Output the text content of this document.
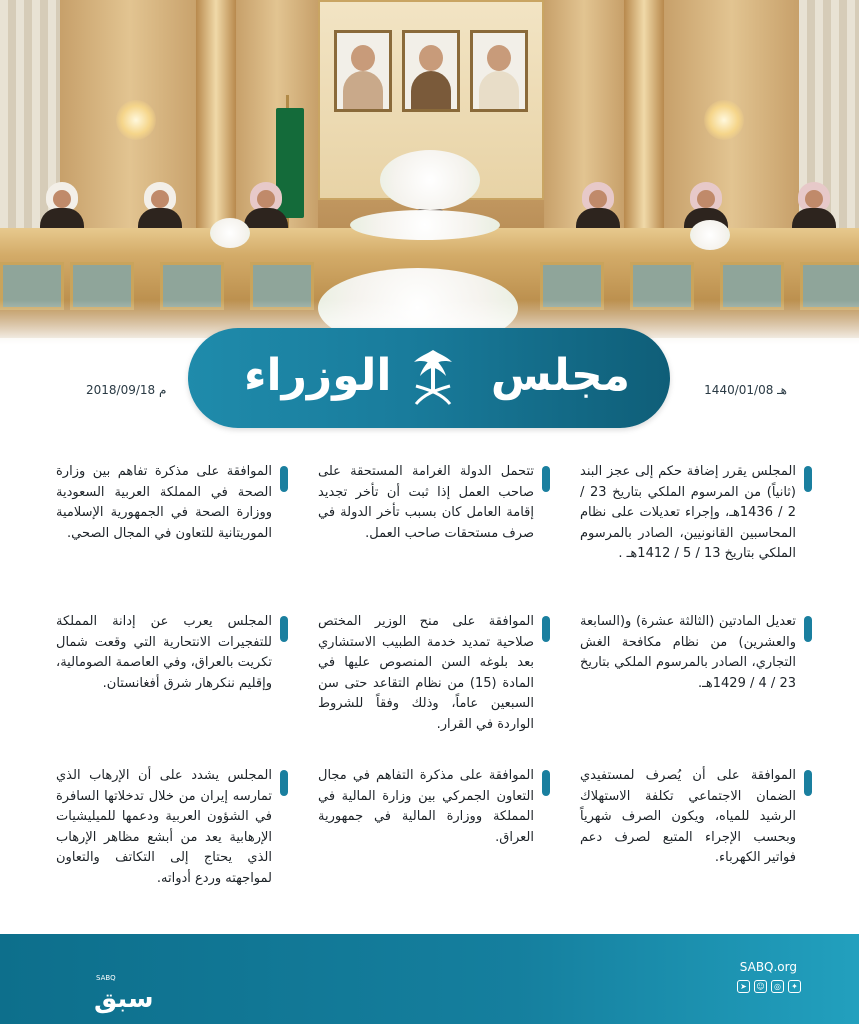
مجلس
الوزراء	1440/01/08 هـ
2018/09/18 م

المجلس يقرر إضافة حكم إلى عجز البند (ثانياً) من المرسوم الملكي بتاريخ 23 / 2 / 1436هـ، وإجراء تعديلات على نظام المحاسبين القانونيين، الصادر بالمرسوم الملكي بتاريخ 13 / 5 / 1412هـ .

تعديل المادتين (الثالثة عشرة) و(السابعة والعشرين) من نظام مكافحة الغش التجاري، الصادر بالمرسوم الملكي بتاريخ 23 / 4 / 1429هـ.

الموافقة على أن يُصرف لمستفيدي الضمان الاجتماعي تكلفة الاستهلاك الرشيد للمياه، ويكون الصرف شهرياً وبحسب الإجراء المتبع لصرف دعم فواتير الكهرباء.

تتحمل الدولة الغرامة المستحقة على صاحب العمل إذا ثبت أن تأخر تجديد إقامة العامل كان بسبب تأخر الدولة في صرف مستحقات صاحب العمل.

الموافقة على منح الوزير المختص صلاحية تمديد خدمة الطبيب الاستشاري بعد بلوغه السن المنصوص عليها في المادة (15) من نظام التقاعد حتى سن السبعين عاماً، وذلك وفقاً للشروط الواردة في القرار.

الموافقة على مذكرة التفاهم في مجال التعاون الجمركي بين وزارة المالية في المملكة ووزارة المالية في جمهورية العراق.

الموافقة على مذكرة تفاهم بين وزارة الصحة في المملكة العربية السعودية ووزارة الصحة في الجمهورية الإسلامية الموريتانية للتعاون في المجال الصحي.

المجلس يعرب عن إدانة المملكة للتفجيرات الانتحارية التي وقعت شمال تكريت بالعراق، وفي العاصمة الصومالية، وإقليم ننكرهار شرق أفغانستان.

المجلس يشدد على أن الإرهاب الذي تمارسه إيران من خلال تدخلاتها السافرة في الشؤون العربية ودعمها للميليشيات الإرهابية يعد من أبشع مظاهر الإرهاب الذي يحتاج إلى التكاتف والتعاون لمواجهته وردع أدواته.

SABQ
سبق
SABQ.org
➤	☺	◎	✦
